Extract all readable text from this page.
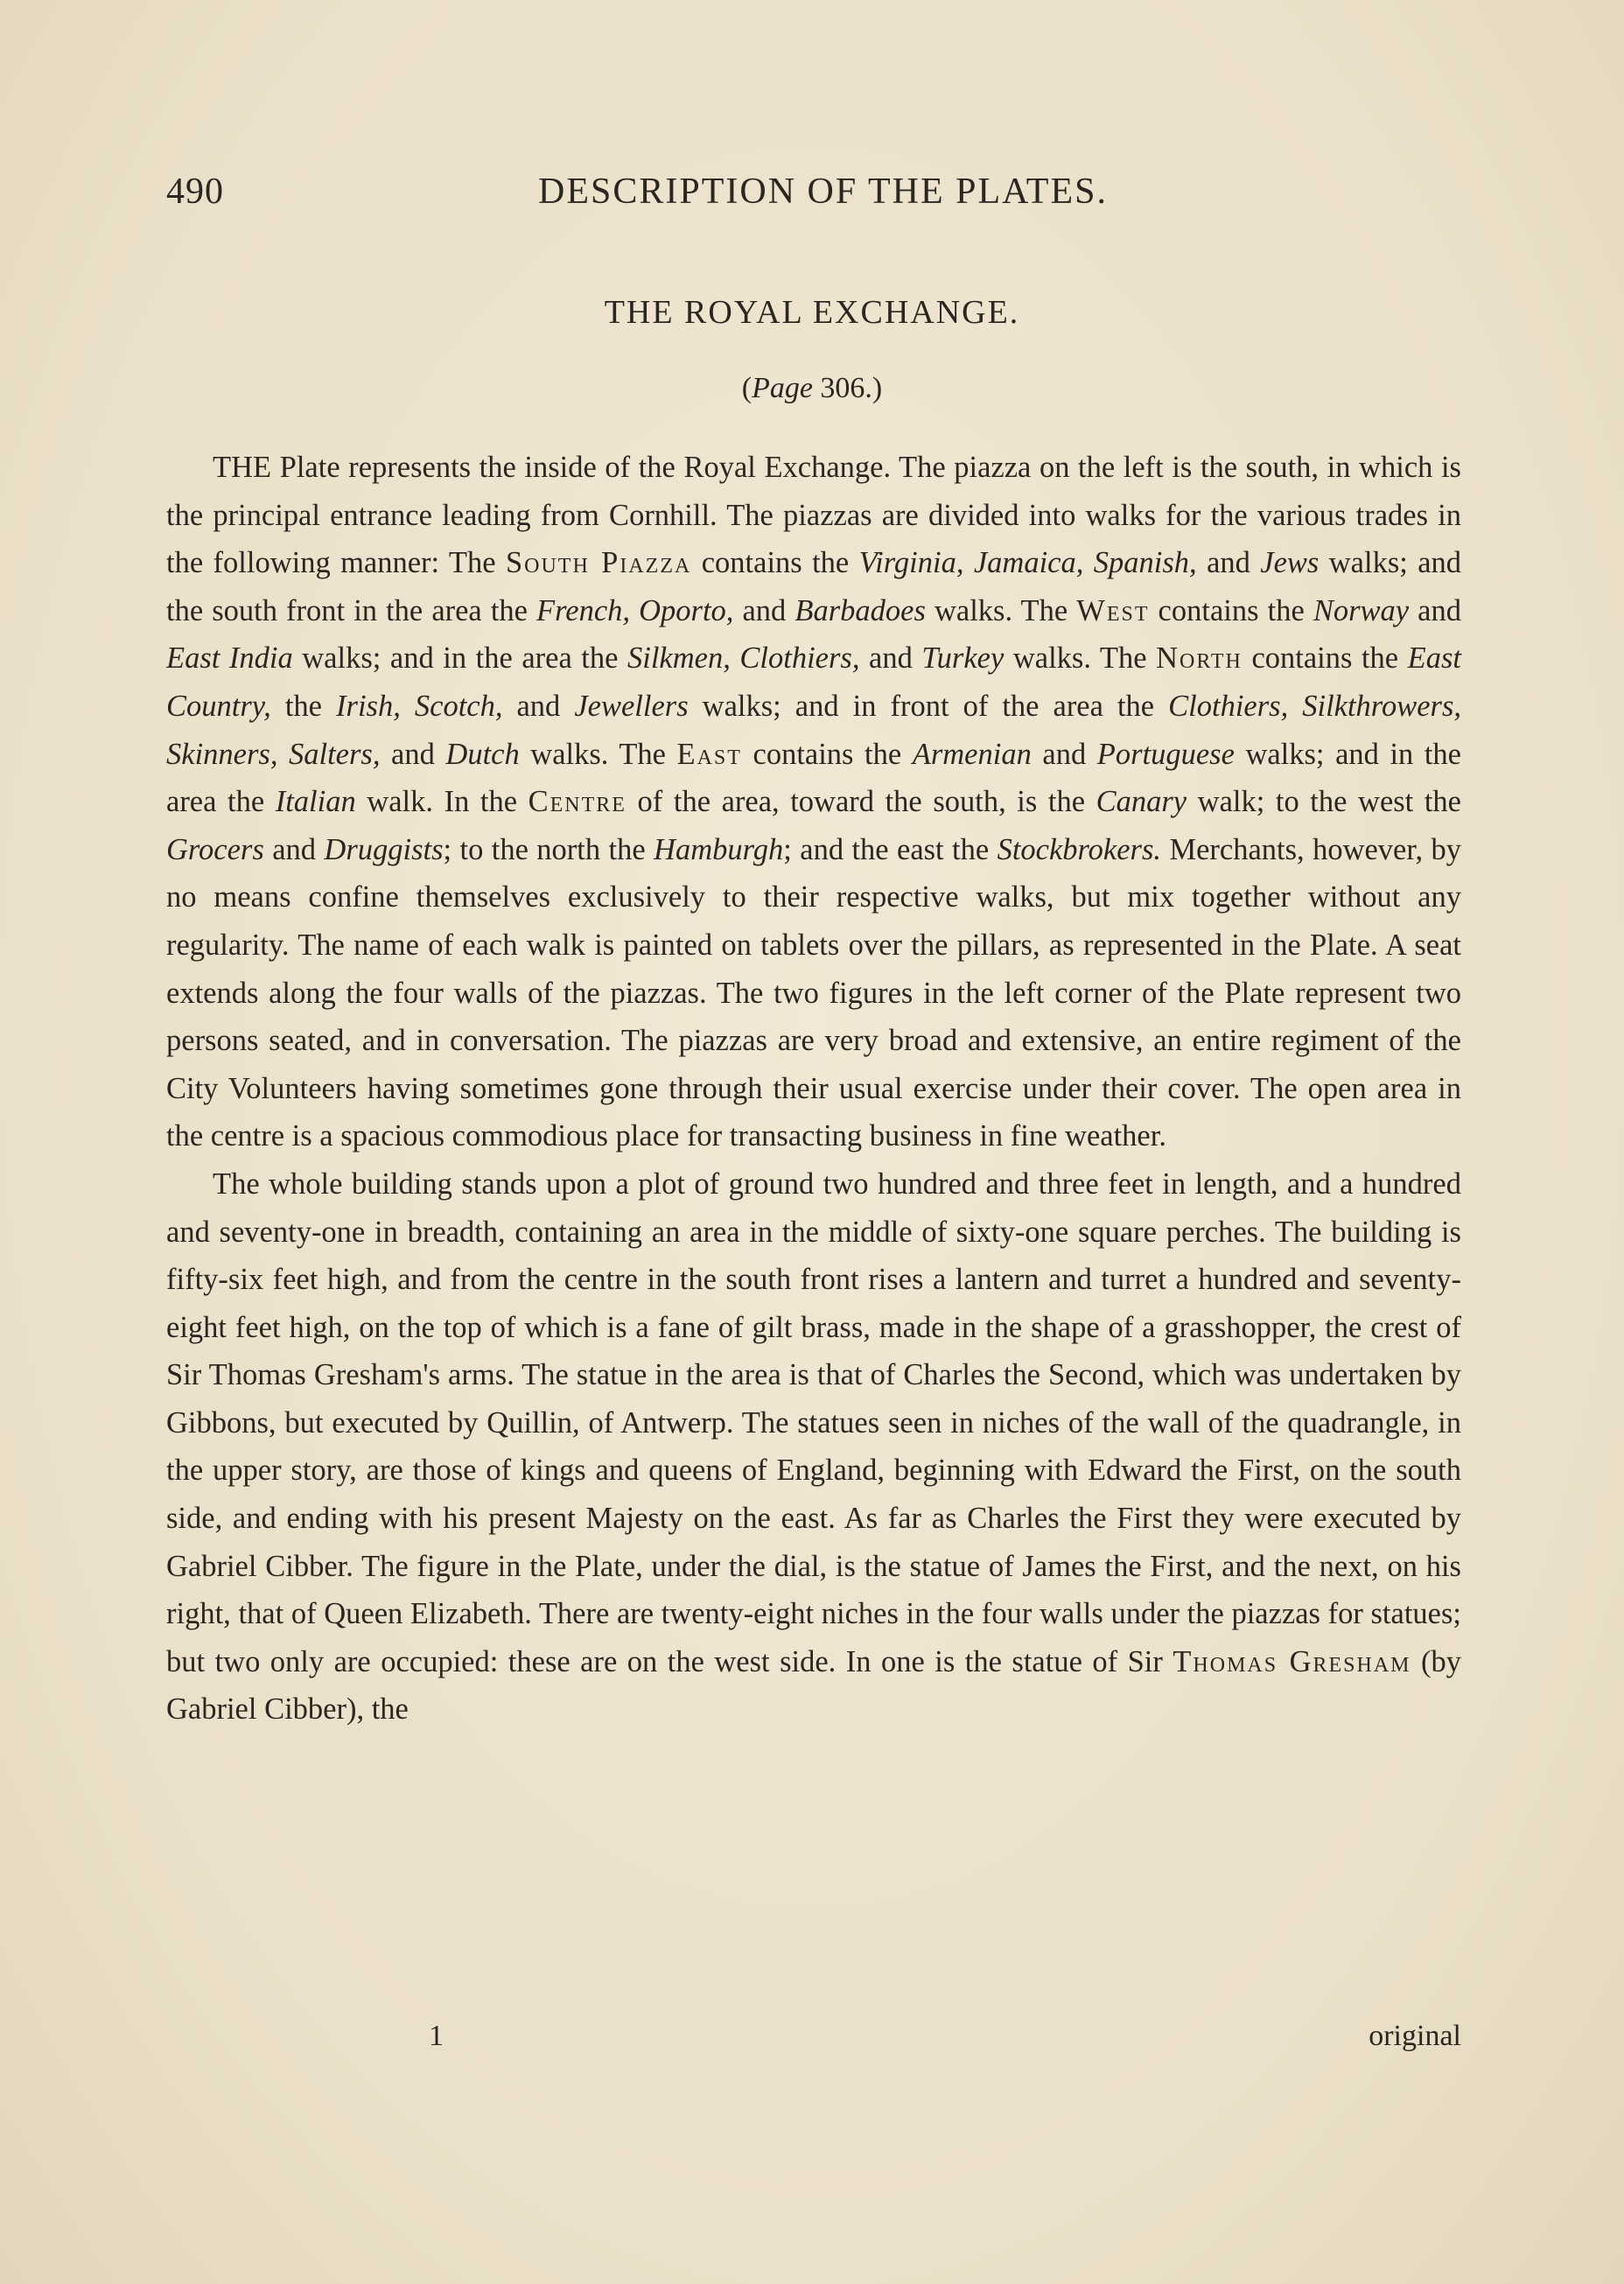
490	DESCRIPTION OF THE PLATES.
THE ROYAL EXCHANGE.
(Page 306.)

THE Plate represents the inside of the Royal Exchange. The piazza on the left is the south, in which is the principal entrance leading from Cornhill. The piazzas are divided into walks for the various trades in the following manner: The South Piazza contains the Virginia, Jamaica, Spanish, and Jews walks; and the south front in the area the French, Oporto, and Barbadoes walks. The West contains the Norway and East India walks; and in the area the Silkmen, Clothiers, and Turkey walks. The North contains the East Country, the Irish, Scotch, and Jewellers walks; and in front of the area the Clothiers, Silkthrowers, Skinners, Salters, and Dutch walks. The East contains the Armenian and Portuguese walks; and in the area the Italian walk. In the Centre of the area, toward the south, is the Canary walk; to the west the Grocers and Druggists; to the north the Hamburgh; and the east the Stockbrokers. Merchants, however, by no means confine themselves exclusively to their respective walks, but mix together without any regularity. The name of each walk is painted on tablets over the pillars, as represented in the Plate. A seat extends along the four walls of the piazzas. The two figures in the left corner of the Plate represent two persons seated, and in conversation. The piazzas are very broad and extensive, an entire regiment of the City Volunteers having sometimes gone through their usual exercise under their cover. The open area in the centre is a spacious commodious place for transacting business in fine weather.

The whole building stands upon a plot of ground two hundred and three feet in length, and a hundred and seventy-one in breadth, containing an area in the middle of sixty-one square perches. The building is fifty-six feet high, and from the centre in the south front rises a lantern and turret a hundred and seventy-eight feet high, on the top of which is a fane of gilt brass, made in the shape of a grasshopper, the crest of Sir Thomas Gresham's arms. The statue in the area is that of Charles the Second, which was undertaken by Gibbons, but executed by Quillin, of Antwerp. The statues seen in niches of the wall of the quadrangle, in the upper story, are those of kings and queens of England, beginning with Edward the First, on the south side, and ending with his present Majesty on the east. As far as Charles the First they were executed by Gabriel Cibber. The figure in the Plate, under the dial, is the statue of James the First, and the next, on his right, that of Queen Elizabeth. There are twenty-eight niches in the four walls under the piazzas for statues; but two only are occupied: these are on the west side. In one is the statue of Sir Thomas Gresham (by Gabriel Cibber), the

1	original
